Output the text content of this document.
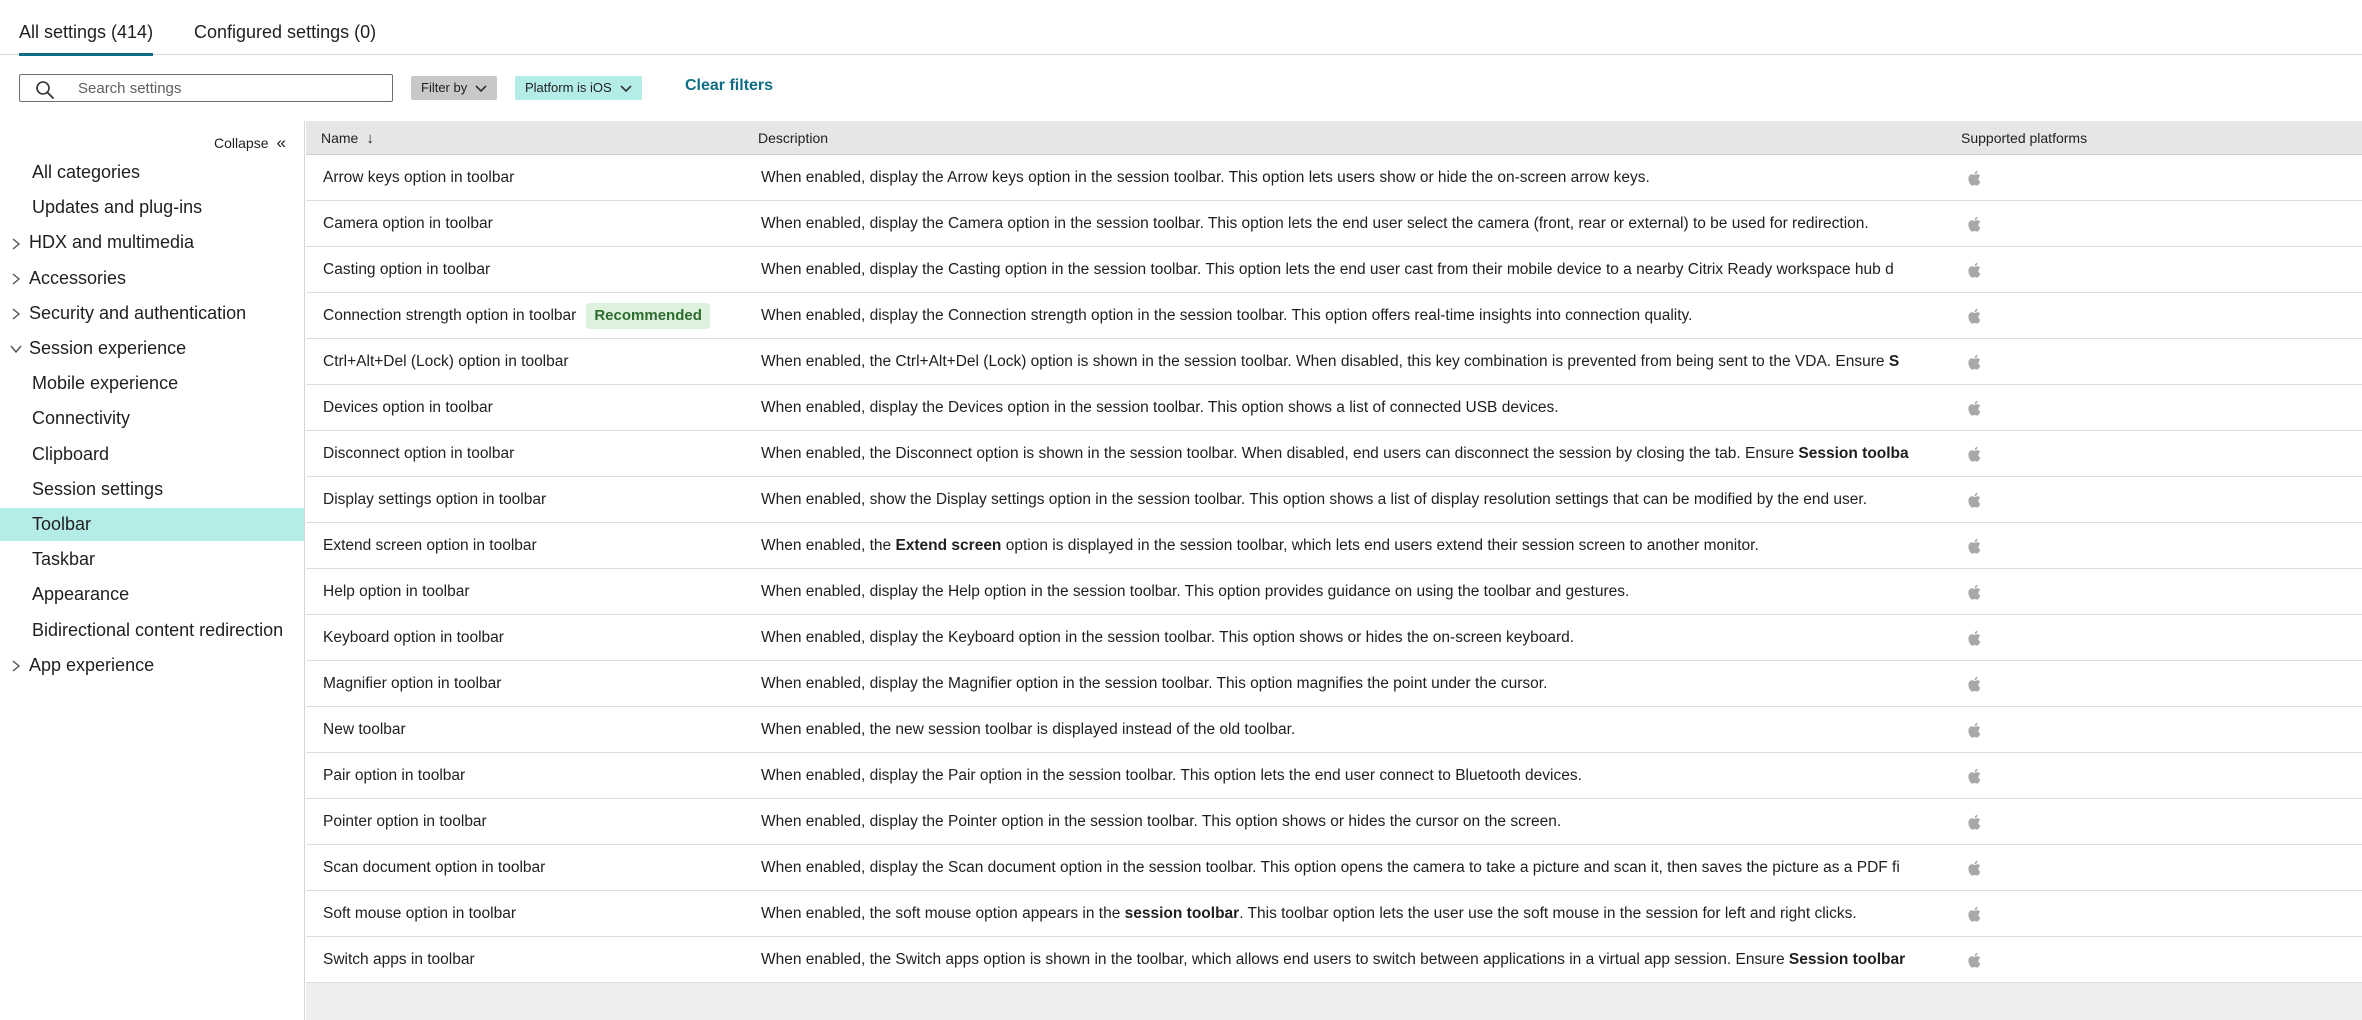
All settings (414) Configured settings (0)
Search settings
Filter by	Platform is iOS	Clear filters
Collapse «
All categories
Updates and plug-ins
HDX and multimedia
Accessories
Security and authentication
Session experience
Mobile experience
Connectivity
Clipboard
Session settings
Toolbar
Taskbar
Appearance
Bidirectional content redirection
App experience
Name ↓	Description	Supported platforms
Arrow keys option in toolbar	When enabled, display the Arrow keys option in the session toolbar. This option lets users show or hide the on-screen arrow keys.
Camera option in toolbar	When enabled, display the Camera option in the session toolbar. This option lets the end user select the camera (front, rear or external) to be used for redirection.
Casting option in toolbar	When enabled, display the Casting option in the session toolbar. This option lets the end user cast from their mobile device to a nearby Citrix Ready workspace hub d
Connection strength option in toolbar Recommended	When enabled, display the Connection strength option in the session toolbar. This option offers real-time insights into connection quality.
Ctrl+Alt+Del (Lock) option in toolbar	When enabled, the Ctrl+Alt+Del (Lock) option is shown in the session toolbar. When disabled, this key combination is prevented from being sent to the VDA. Ensure S
Devices option in toolbar	When enabled, display the Devices option in the session toolbar. This option shows a list of connected USB devices.
Disconnect option in toolbar	When enabled, the Disconnect option is shown in the session toolbar. When disabled, end users can disconnect the session by closing the tab. Ensure Session toolba
Display settings option in toolbar	When enabled, show the Display settings option in the session toolbar. This option shows a list of display resolution settings that can be modified by the end user.
Extend screen option in toolbar	When enabled, the Extend screen option is displayed in the session toolbar, which lets end users extend their session screen to another monitor.
Help option in toolbar	When enabled, display the Help option in the session toolbar. This option provides guidance on using the toolbar and gestures.
Keyboard option in toolbar	When enabled, display the Keyboard option in the session toolbar. This option shows or hides the on-screen keyboard.
Magnifier option in toolbar	When enabled, display the Magnifier option in the session toolbar. This option magnifies the point under the cursor.
New toolbar	When enabled, the new session toolbar is displayed instead of the old toolbar.
Pair option in toolbar	When enabled, display the Pair option in the session toolbar. This option lets the end user connect to Bluetooth devices.
Pointer option in toolbar	When enabled, display the Pointer option in the session toolbar. This option shows or hides the cursor on the screen.
Scan document option in toolbar	When enabled, display the Scan document option in the session toolbar. This option opens the camera to take a picture and scan it, then saves the picture as a PDF fi
Soft mouse option in toolbar	When enabled, the soft mouse option appears in the session toolbar. This toolbar option lets the user use the soft mouse in the session for left and right clicks.
Switch apps in toolbar	When enabled, the Switch apps option is shown in the toolbar, which allows end users to switch between applications in a virtual app session. Ensure Session toolbar
